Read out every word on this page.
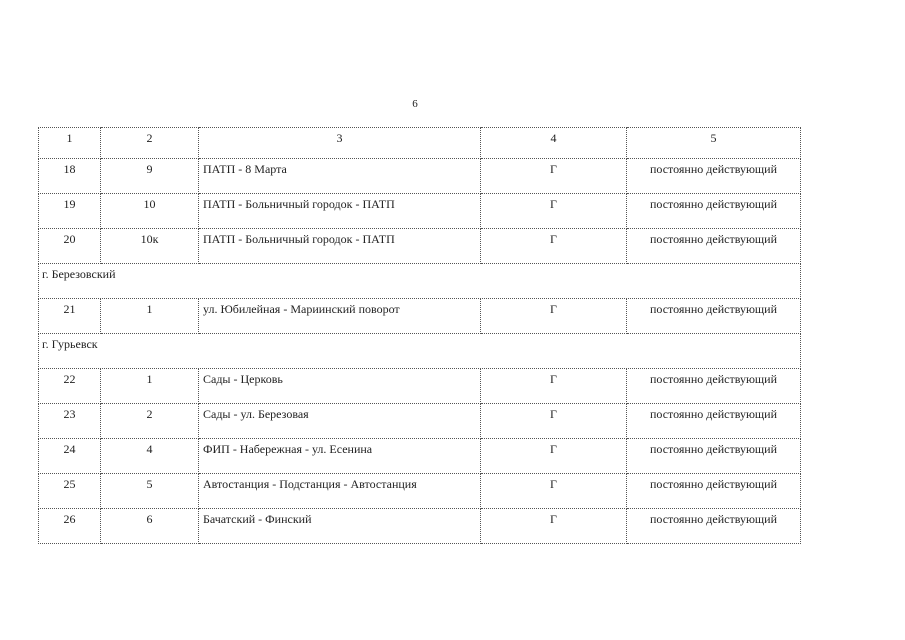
6
1	2	3	4	5
18	9	ПАТП - 8 Марта	Г	постоянно действующий
19	10	ПАТП - Больничный городок - ПАТП	Г	постоянно действующий
20	10к	ПАТП - Больничный городок - ПАТП	Г	постоянно действующий
г. Березовский				
21	1	ул. Юбилейная - Мариинский поворот	Г	постоянно действующий
г. Гурьевск				
22	1	Сады - Церковь	Г	постоянно действующий
23	2	Сады - ул. Березовая	Г	постоянно действующий
24	4	ФИП - Набережная - ул. Есенина	Г	постоянно действующий
25	5	Автостанция - Подстанция - Автостанция	Г	постоянно действующий
26	6	Бачатский - Финский	Г	постоянно действующий
